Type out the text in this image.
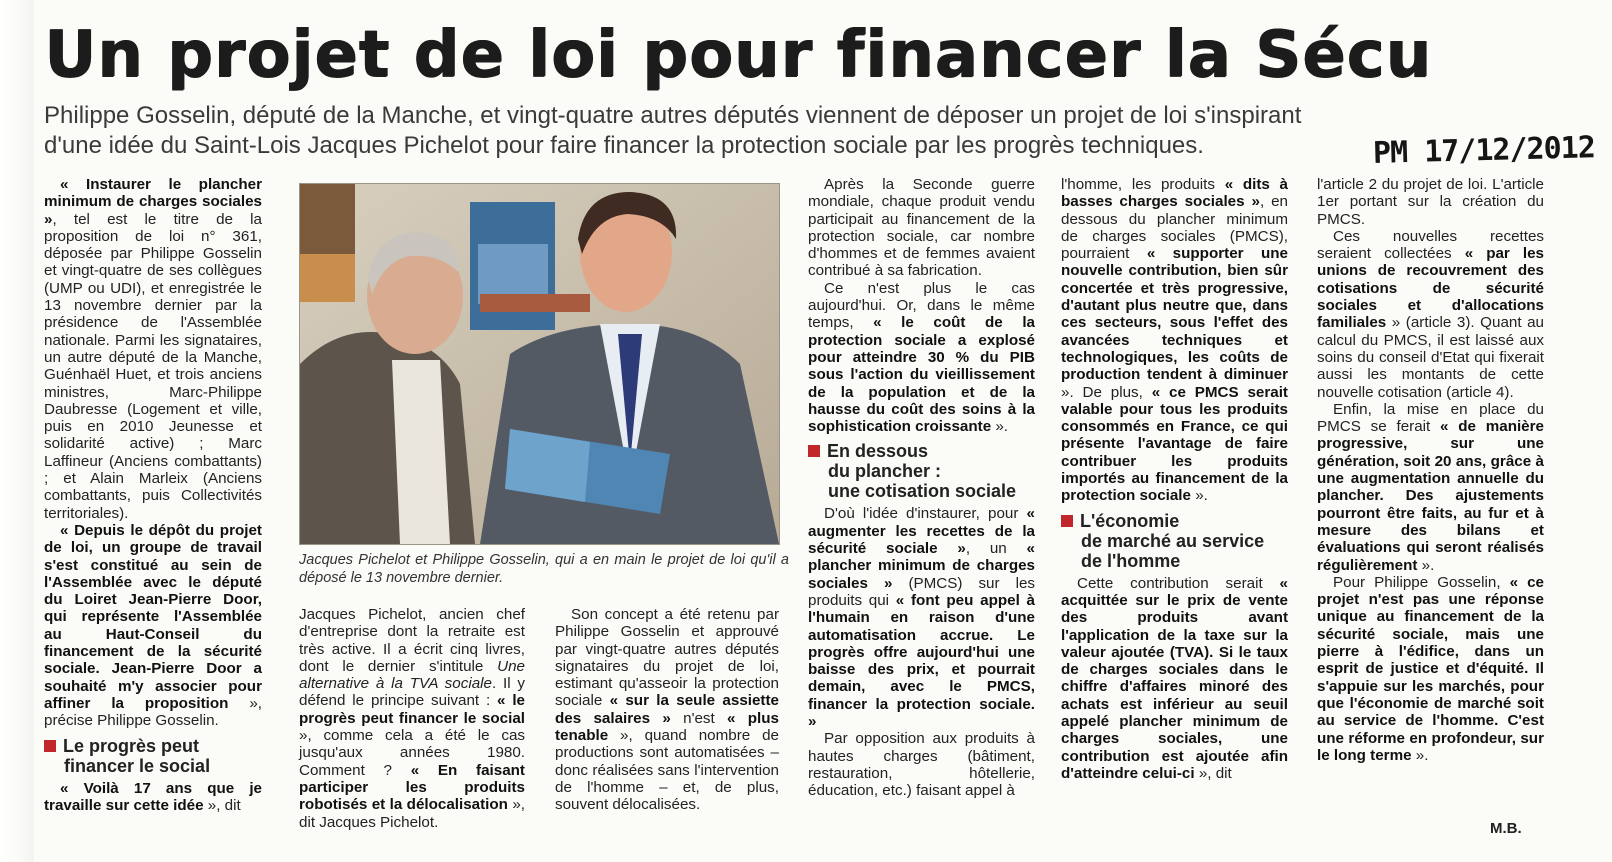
Un projet de loi pour financer la Sécu

Philippe Gosselin, député de la Manche, et vingt-quatre autres députés viennent de déposer un projet de loi s'inspirant d'une idée du Saint-Lois Jacques Pichelot pour faire financer la protection sociale par les progrès techniques.	PM 17/12/2012

« Instaurer le plancher minimum de charges sociales », tel est le titre de la proposition de loi n° 361, déposée par Philippe Gosselin et vingt-quatre de ses collègues (UMP ou UDI), et enregistrée le 13 novembre dernier par la présidence de l'Assemblée nationale. Parmi les signataires, un autre député de la Manche, Guénhaël Huet, et trois anciens ministres, Marc-Philippe Daubresse (Logement et ville, puis en 2010 Jeunesse et solidarité active) ; Marc Laffineur (Anciens combattants) ; et Alain Marleix (Anciens combattants, puis Collectivités territoriales).

« Depuis le dépôt du projet de loi, un groupe de travail s'est constitué au sein de l'Assemblée avec le député du Loiret Jean-Pierre Door, qui représente l'Assemblée au Haut-Conseil du financement de la sécurité sociale. Jean-Pierre Door a souhaité m'y associer pour affiner la proposition », précise Philippe Gosselin.

Le progrès peut
financer le social

« Voilà 17 ans que je travaille sur cette idée », dit

Jacques Pichelot et Philippe Gosselin, qui a en main le projet de loi qu'il a déposé le 13 novembre dernier.

Jacques Pichelot, ancien chef d'entreprise dont la retraite est très active. Il a écrit cinq livres, dont le dernier s'intitule Une alternative à la TVA sociale. Il y défend le principe suivant : « le progrès peut financer le social », comme cela a été le cas jusqu'aux années 1980. Comment ? « En faisant participer les produits robotisés et la délocalisation », dit Jacques Pichelot.

Son concept a été retenu par Philippe Gosselin et approuvé par vingt-quatre autres députés signataires du projet de loi, estimant qu'asseoir la protection sociale « sur la seule assiette des salaires » n'est « plus tenable », quand nombre de productions sont automatisées – donc réalisées sans l'intervention de l'homme – et, de plus, souvent délocalisées.

Après la Seconde guerre mondiale, chaque produit vendu participait au financement de la protection sociale, car nombre d'hommes et de femmes avaient contribué à sa fabrication.

Ce n'est plus le cas aujourd'hui. Or, dans le même temps, « le coût de la protection sociale a explosé pour atteindre 30 % du PIB sous l'action du vieillissement de la population et de la hausse du coût des soins à la sophistication croissante ».

En dessous
du plancher :
une cotisation sociale

D'où l'idée d'instaurer, pour « augmenter les recettes de la sécurité sociale », un « plancher minimum de charges sociales » (PMCS) sur les produits qui « font peu appel à l'humain en raison d'une automatisation accrue. Le progrès offre aujourd'hui une baisse des prix, et pourrait demain, avec le PMCS, financer la protection sociale. »

Par opposition aux produits à hautes charges (bâtiment, restauration, hôtellerie, éducation, etc.) faisant appel à

l'homme, les produits « dits à basses charges sociales », en dessous du plancher minimum de charges sociales (PMCS), pourraient « supporter une nouvelle contribution, bien sûr concertée et très progressive, d'autant plus neutre que, dans ces secteurs, sous l'effet des avancées techniques et technologiques, les coûts de production tendent à diminuer ». De plus, « ce PMCS serait valable pour tous les produits consommés en France, ce qui présente l'avantage de faire contribuer les produits importés au financement de la protection sociale ».

L'économie
de marché au service
de l'homme

Cette contribution serait « acquittée sur le prix de vente des produits avant l'application de la taxe sur la valeur ajoutée (TVA). Si le taux de charges sociales dans le chiffre d'affaires minoré des achats est inférieur au seuil appelé plancher minimum de charges sociales, une contribution est ajoutée afin d'atteindre celui-ci », dit

l'article 2 du projet de loi. L'article 1er portant sur la création du PMCS.

Ces nouvelles recettes seraient collectées « par les unions de recouvrement des cotisations de sécurité sociales et d'allocations familiales » (article 3). Quant au calcul du PMCS, il est laissé aux soins du conseil d'Etat qui fixerait aussi les montants de cette nouvelle cotisation (article 4).

Enfin, la mise en place du PMCS se ferait « de manière progressive, sur une génération, soit 20 ans, grâce à une augmentation annuelle du plancher. Des ajustements pourront être faits, au fur et à mesure des bilans et évaluations qui seront réalisés régulièrement ».

Pour Philippe Gosselin, « ce projet n'est pas une réponse unique au financement de la sécurité sociale, mais une pierre à l'édifice, dans un esprit de justice et d'équité. Il s'appuie sur les marchés, pour que l'économie de marché soit au service de l'homme. C'est une réforme en profondeur, sur le long terme ».

M.B.
